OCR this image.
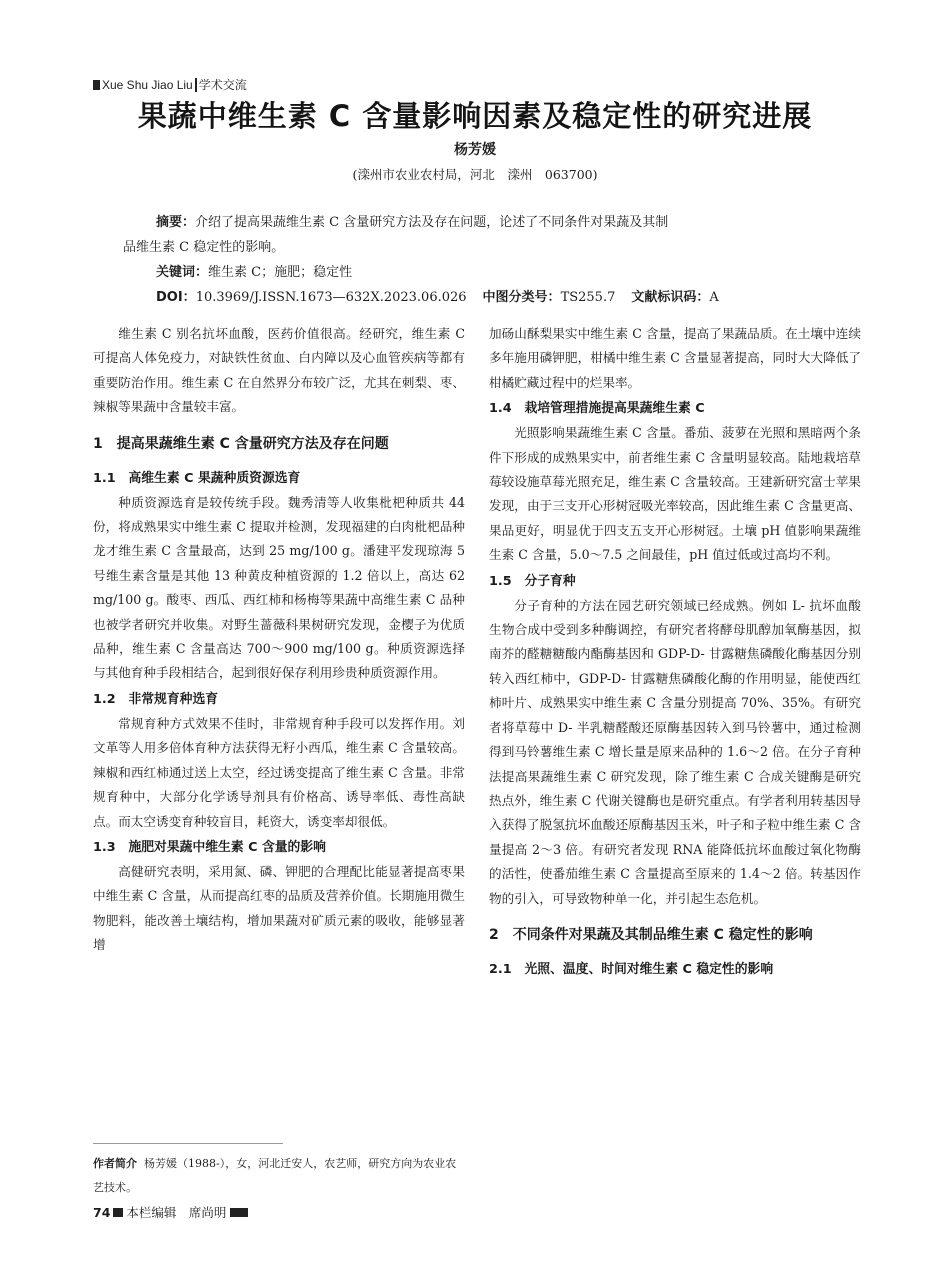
Xue Shu Jiao Liu 学术交流
果蔬中维生素 C 含量影响因素及稳定性的研究进展
杨芳媛
(滦州市农业农村局，河北　滦州　063700)
摘要：介绍了提高果蔬维生素 C 含量研究方法及存在问题，论述了不同条件对果蔬及其制
品维生素 C 稳定性的影响。
关键词：维生素 C；施肥；稳定性
DOI：10.3969/J.ISSN.1673—632X.2023.06.026 中图分类号：TS255.7 文献标识码：A

维生素 C 别名抗坏血酸，医药价值很高。经研究，维生素 C 可提高人体免疫力，对缺铁性贫血、白内障以及心血管疾病等都有重要防治作用。维生素 C 在自然界分布较广泛，尤其在刺梨、枣、辣椒等果蔬中含量较丰富。

1　提高果蔬维生素 C 含量研究方法及存在问题
1.1　高维生素 C 果蔬种质资源选育

种质资源选育是较传统手段。魏秀清等人收集枇杷种质共 44 份，将成熟果实中维生素 C 提取并检测，发现福建的白肉枇杷品种龙才维生素 C 含量最高，达到 25 mg/100 g。潘建平发现琼海 5 号维生素含量是其他 13 种黄皮种植资源的 1.2 倍以上，高达 62 mg/100 g。酸枣、西瓜、西红柿和杨梅等果蔬中高维生素 C 品种也被学者研究并收集。对野生蔷薇科果树研究发现，金樱子为优质品种，维生素 C 含量高达 700～900 mg/100 g。种质资源选择与其他育种手段相结合，起到很好保存利用珍贵种质资源作用。

1.2　非常规育种选育

常规育种方式效果不佳时，非常规育种手段可以发挥作用。刘文革等人用多倍体育种方法获得无籽小西瓜，维生素 C 含量较高。辣椒和西红柿通过送上太空，经过诱变提高了维生素 C 含量。非常规育种中，大部分化学诱导剂具有价格高、诱导率低、毒性高缺点。而太空诱变育种较盲目，耗资大，诱变率却很低。

1.3　施肥对果蔬中维生素 C 含量的影响

高健研究表明，采用氮、磷、钾肥的合理配比能显著提高枣果中维生素 C 含量，从而提高红枣的品质及营养价值。长期施用微生物肥料，能改善土壤结构，增加果蔬对矿质元素的吸收，能够显著增

加砀山酥梨果实中维生素 C 含量，提高了果蔬品质。在土壤中连续多年施用磷钾肥，柑橘中维生素 C 含量显著提高，同时大大降低了柑橘贮藏过程中的烂果率。

1.4　栽培管理措施提高果蔬维生素 C

光照影响果蔬维生素 C 含量。番茄、菠萝在光照和黑暗两个条件下形成的成熟果实中，前者维生素 C 含量明显较高。陆地栽培草莓较设施草莓光照充足，维生素 C 含量较高。王建新研究富士苹果发现，由于三支开心形树冠吸光率较高，因此维生素 C 含量更高、果品更好，明显优于四支五支开心形树冠。土壤 pH 值影响果蔬维生素 C 含量，5.0～7.5 之间最佳，pH 值过低或过高均不利。

1.5　分子育种

分子育种的方法在园艺研究领域已经成熟。例如 L- 抗坏血酸生物合成中受到多种酶调控，有研究者将酵母肌醇加氧酶基因，拟南芥的醛糖糖酸内酯酶基因和 GDP-D- 甘露糖焦磷酸化酶基因分别转入西红柿中，GDP-D- 甘露糖焦磷酸化酶的作用明显，能使西红柿叶片、成熟果实中维生素 C 含量分别提高 70%、35%。有研究者将草莓中 D- 半乳糖醛酸还原酶基因转入到马铃薯中，通过检测得到马铃薯维生素 C 增长量是原来品种的 1.6～2 倍。在分子育种法提高果蔬维生素 C 研究发现，除了维生素 C 合成关键酶是研究热点外，维生素 C 代谢关键酶也是研究重点。有学者利用转基因导入获得了脱氢抗坏血酸还原酶基因玉米，叶子和子粒中维生素 C 含量提高 2～3 倍。有研究者发现 RNA 能降低抗坏血酸过氧化物酶的活性，使番茄维生素 C 含量提高至原来的 1.4～2 倍。转基因作物的引入，可导致物种单一化，并引起生态危机。

2　不同条件对果蔬及其制品维生素 C 稳定性的影响
2.1　光照、温度、时间对维生素 C 稳定性的影响
作者简介 杨芳媛（1988-），女，河北迁安人，农艺师，研究方向为农业农艺技术。
74 本栏编辑　席尚明
